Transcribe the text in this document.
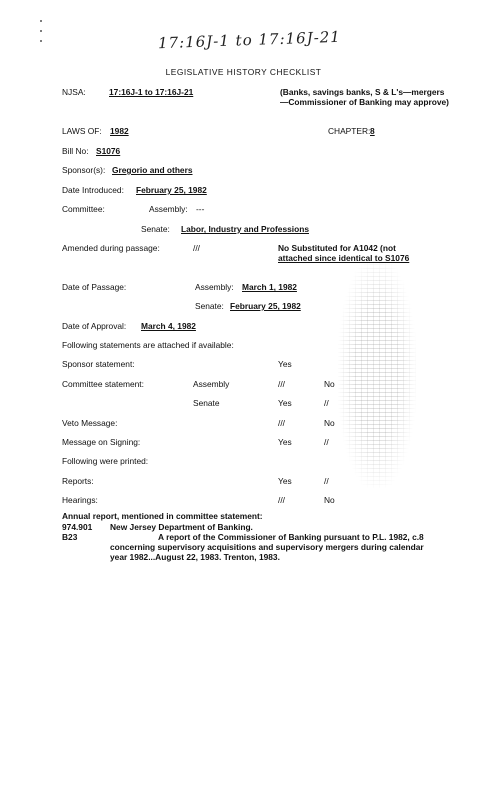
17:16J-1 to 17:16J-21
LEGISLATIVE HISTORY CHECKLIST
NJSA:	17:16J-1 to 17:16J-21	(Banks, savings banks, S & L's—mergers—Commissioner of Banking may approve)
LAWS OF: 1982	CHAPTER: 8
Bill No: S1076
Sponsor(s): Gregorio and others
Date Introduced: February 25, 1982
Committee:	Assembly: ---
Senate: Labor, Industry and Professions
Amended during passage:	///	No Substituted for A1042 (not
attached since identical to S1076
Date of Passage:	Assembly: March 1, 1982
Senate: February 25, 1982
Date of Approval: March 4, 1982
Following statements are attached if available:
Sponsor statement:	Yes
Committee statement:	Assembly	///	No
Senate	Yes	//
Veto Message:	///	No
Message on Signing:	Yes	//
Following were printed:
Reports:	Yes	//
Hearings:	///	No
Annual report, mentioned in committee statement:
974.901 New Jersey Department of Banking.
B23	A report of the Commissioner of Banking pursuant to P.L. 1982, c.8
concerning supervisory acquisitions and supervisory mergers during calendar
year 1982...August 22, 1983. Trenton, 1983.
